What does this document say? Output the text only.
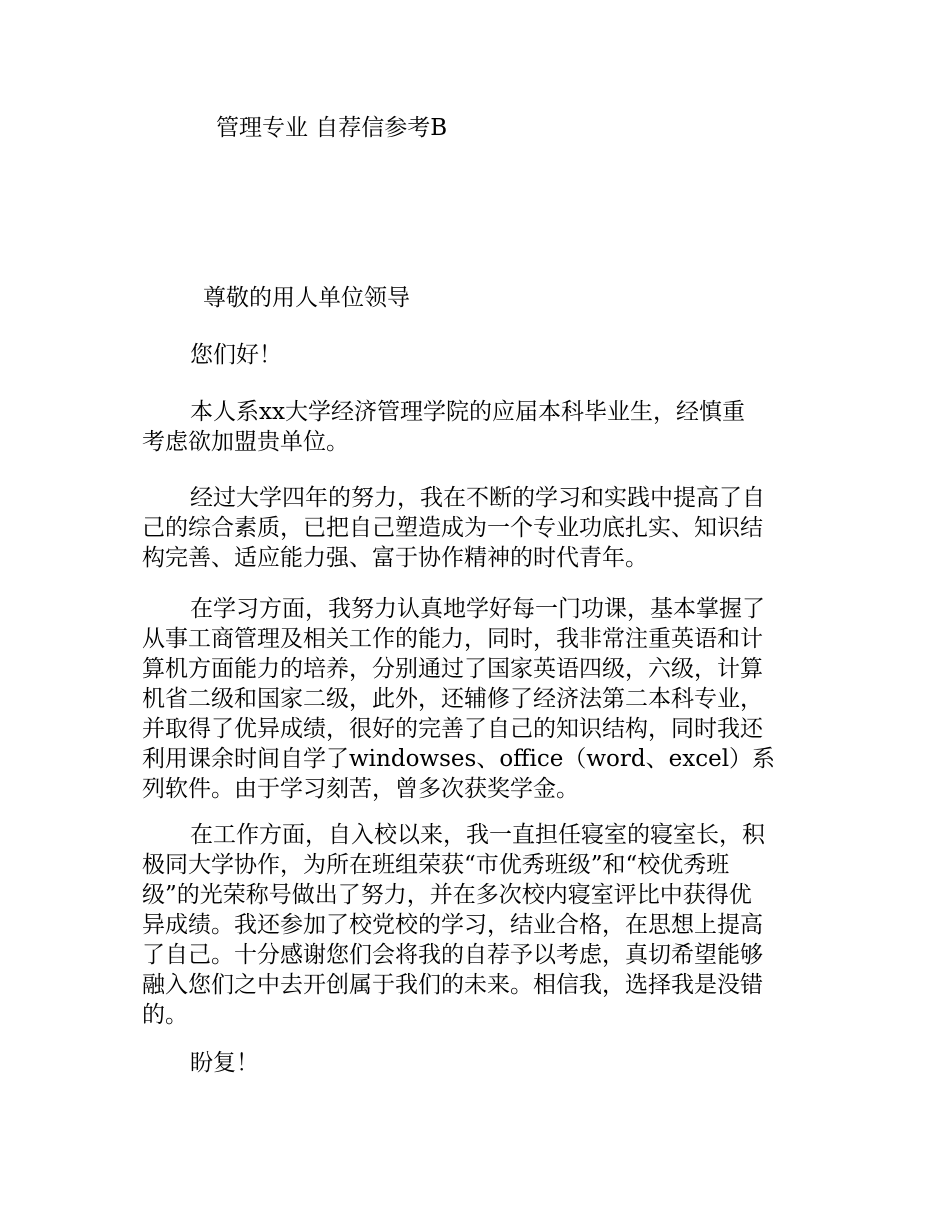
管理专业 自荐信参考B
尊敬的用人单位领导
您们好！
本人系xx大学经济管理学院的应届本科毕业生，经慎重
考虑欲加盟贵单位。
经过大学四年的努力，我在不断的学习和实践中提高了自
己的综合素质，已把自己塑造成为一个专业功底扎实、知识结
构完善、适应能力强、富于协作精神的时代青年。
在学习方面，我努力认真地学好每一门功课，基本掌握了
从事工商管理及相关工作的能力，同时，我非常注重英语和计
算机方面能力的培养，分别通过了国家英语四级，六级，计算
机省二级和国家二级，此外，还辅修了经济法第二本科专业，
并取得了优异成绩，很好的完善了自己的知识结构，同时我还
利用课余时间自学了windowses、office（word、excel）系
列软件。由于学习刻苦，曾多次获奖学金。
在工作方面，自入校以来，我一直担任寝室的寝室长，积
极同大学协作，为所在班组荣获“市优秀班级”和“校优秀班
级”的光荣称号做出了努力，并在多次校内寝室评比中获得优
异成绩。我还参加了校党校的学习，结业合格，在思想上提高
了自己。十分感谢您们会将我的自荐予以考虑，真切希望能够
融入您们之中去开创属于我们的未来。相信我，选择我是没错
的。
盼复！
